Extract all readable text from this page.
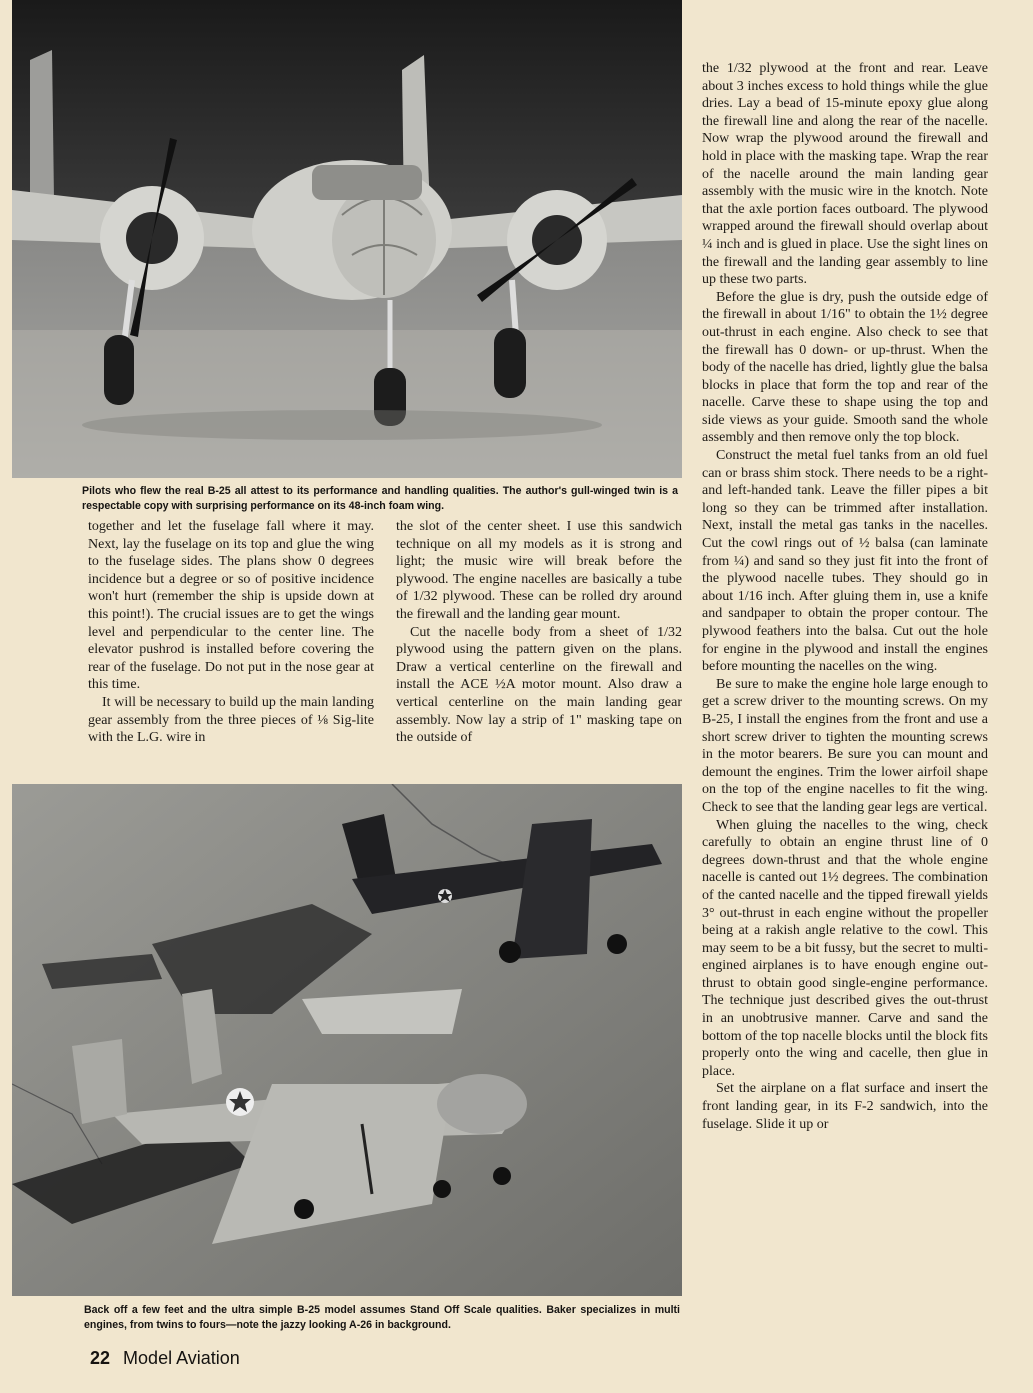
Pilots who flew the real B-25 all attest to its performance and handling qualities. The author's gull-winged twin is a respectable copy with surprising performance on its 48-inch foam wing.

together and let the fuselage fall where it may. Next, lay the fuselage on its top and glue the wing to the fuselage sides. The plans show 0 degrees incidence but a degree or so of positive incidence won't hurt (remember the ship is upside down at this point!). The crucial issues are to get the wings level and perpendicular to the center line. The elevator pushrod is installed before covering the rear of the fuselage. Do not put in the nose gear at this time.

It will be necessary to build up the main landing gear assembly from the three pieces of ⅛ Sig-lite with the L.G. wire in

the slot of the center sheet. I use this sandwich technique on all my models as it is strong and light; the music wire will break before the plywood. The engine nacelles are basically a tube of 1/32 plywood. These can be rolled dry around the firewall and the landing gear mount.

Cut the nacelle body from a sheet of 1/32 plywood using the pattern given on the plans. Draw a vertical centerline on the firewall and install the ACE ½A motor mount. Also draw a vertical centerline on the main landing gear assembly. Now lay a strip of 1" masking tape on the outside of

the 1/32 plywood at the front and rear. Leave about 3 inches excess to hold things while the glue dries. Lay a bead of 15-minute epoxy glue along the firewall line and along the rear of the nacelle. Now wrap the plywood around the firewall and hold in place with the masking tape. Wrap the rear of the nacelle around the main landing gear assembly with the music wire in the knotch. Note that the axle portion faces outboard. The plywood wrapped around the firewall should overlap about ¼ inch and is glued in place. Use the sight lines on the firewall and the landing gear assembly to line up these two parts.

Before the glue is dry, push the outside edge of the firewall in about 1/16" to obtain the 1½ degree out-thrust in each engine. Also check to see that the firewall has 0 down- or up-thrust. When the body of the nacelle has dried, lightly glue the balsa blocks in place that form the top and rear of the nacelle. Carve these to shape using the top and side views as your guide. Smooth sand the whole assembly and then remove only the top block.

Construct the metal fuel tanks from an old fuel can or brass shim stock. There needs to be a right- and left-handed tank. Leave the filler pipes a bit long so they can be trimmed after installation. Next, install the metal gas tanks in the nacelles. Cut the cowl rings out of ½ balsa (can laminate from ¼) and sand so they just fit into the front of the plywood nacelle tubes. They should go in about 1/16 inch. After gluing them in, use a knife and sandpaper to obtain the proper contour. The plywood feathers into the balsa. Cut out the hole for engine in the plywood and install the engines before mounting the nacelles on the wing.

Be sure to make the engine hole large enough to get a screw driver to the mounting screws. On my B-25, I install the engines from the front and use a short screw driver to tighten the mounting screws in the motor bearers. Be sure you can mount and demount the engines. Trim the lower airfoil shape on the top of the engine nacelles to fit the wing. Check to see that the landing gear legs are vertical.

When gluing the nacelles to the wing, check carefully to obtain an engine thrust line of 0 degrees down-thrust and that the whole engine nacelle is canted out 1½ degrees. The combination of the canted nacelle and the tipped firewall yields 3° out-thrust in each engine without the propeller being at a rakish angle relative to the cowl. This may seem to be a bit fussy, but the secret to multi-engined airplanes is to have enough engine out-thrust to obtain good single-engine performance. The technique just described gives the out-thrust in an unobtrusive manner. Carve and sand the bottom of the top nacelle blocks until the block fits properly onto the wing and cacelle, then glue in place.

Set the airplane on a flat surface and insert the front landing gear, in its F-2 sandwich, into the fuselage. Slide it up or

Back off a few feet and the ultra simple B-25 model assumes Stand Off Scale qualities. Baker specializes in multi engines, from twins to fours—note the jazzy looking A-26 in background.
22 Model Aviation
